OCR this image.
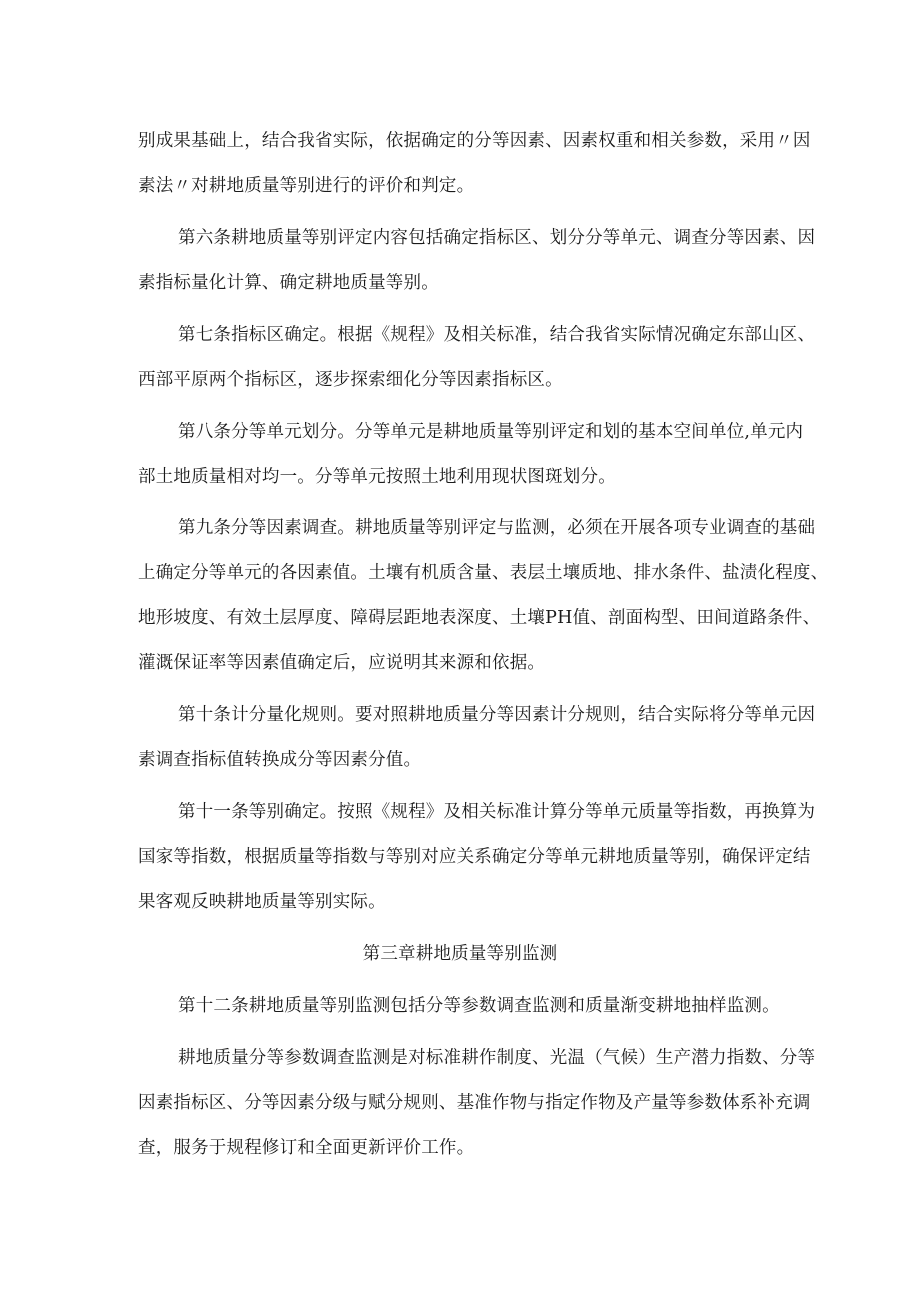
别成果基础上，结合我省实际，依据确定的分等因素、因素权重和相关参数，采用〃因
素法〃对耕地质量等别进行的评价和判定。
第六条耕地质量等别评定内容包括确定指标区、划分分等单元、调查分等因素、因
素指标量化计算、确定耕地质量等别。
第七条指标区确定。根据《规程》及相关标准，结合我省实际情况确定东部山区、
西部平原两个指标区，逐步探索细化分等因素指标区。
第八条分等单元划分。分等单元是耕地质量等别评定和划的基本空间单位,单元内
部土地质量相对均一。分等单元按照土地利用现状图斑划分。
第九条分等因素调查。耕地质量等别评定与监测，必须在开展各项专业调查的基础
上确定分等单元的各因素值。土壤有机质含量、表层土壤质地、排水条件、盐渍化程度、
地形坡度、有效土层厚度、障碍层距地表深度、土壤PH值、剖面构型、田间道路条件、
灌溉保证率等因素值确定后，应说明其来源和依据。
第十条计分量化规则。要对照耕地质量分等因素计分规则，结合实际将分等单元因
素调查指标值转换成分等因素分值。
第十一条等别确定。按照《规程》及相关标准计算分等单元质量等指数，再换算为
国家等指数，根据质量等指数与等别对应关系确定分等单元耕地质量等别，确保评定结
果客观反映耕地质量等别实际。
第三章耕地质量等别监测
第十二条耕地质量等别监测包括分等参数调查监测和质量渐变耕地抽样监测。
耕地质量分等参数调查监测是对标准耕作制度、光温（气候）生产潜力指数、分等
因素指标区、分等因素分级与赋分规则、基准作物与指定作物及产量等参数体系补充调
查，服务于规程修订和全面更新评价工作。
